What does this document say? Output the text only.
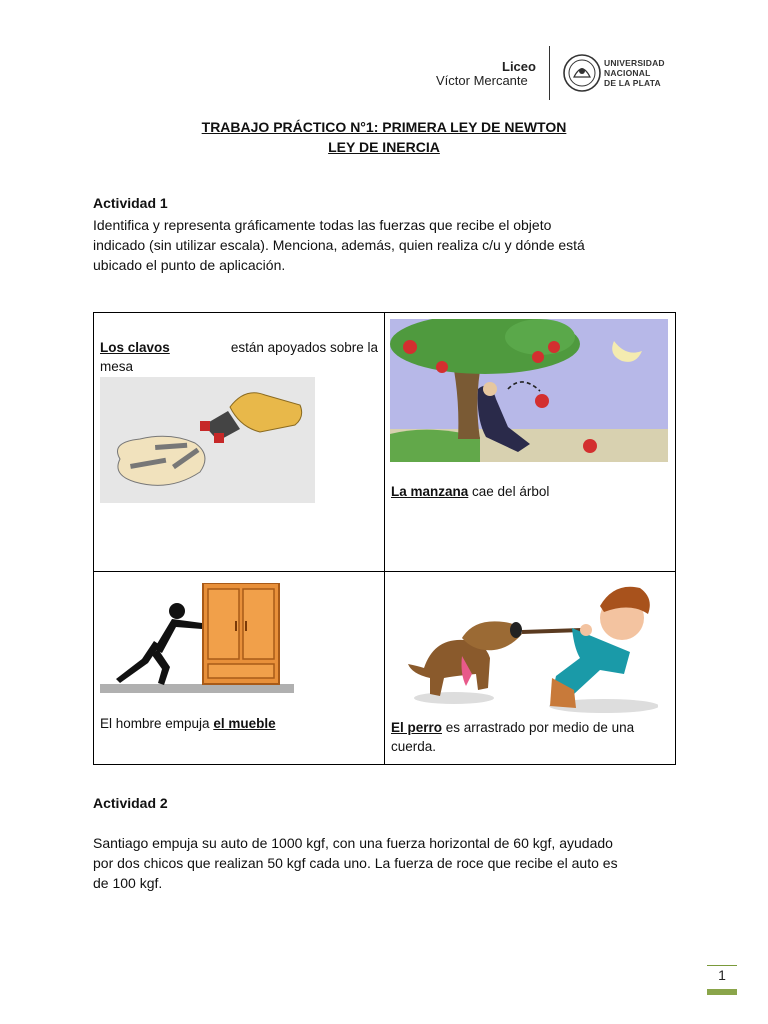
Liceo
Víctor Mercante
UNIVERSIDAD
NACIONAL
DE LA PLATA
TRABAJO PRÁCTICO N°1: PRIMERA LEY DE NEWTON
LEY DE INERCIA
Actividad 1
Identifica y representa gráficamente todas las fuerzas que recibe el objeto
indicado (sin utilizar escala). Menciona, además, quien realiza c/u y dónde está
ubicado el punto de aplicación.
Los clavos	están apoyados sobre la
mesa
La manzana cae del árbol
El hombre empuja el mueble	El perro es arrastrado por medio de una
cuerda.
Actividad 2
Santiago empuja su auto de 1000 kgf, con una fuerza horizontal de 60 kgf, ayudado
por dos chicos que realizan 50 kgf cada uno. La fuerza de roce que recibe el auto es
de 100 kgf.
1
